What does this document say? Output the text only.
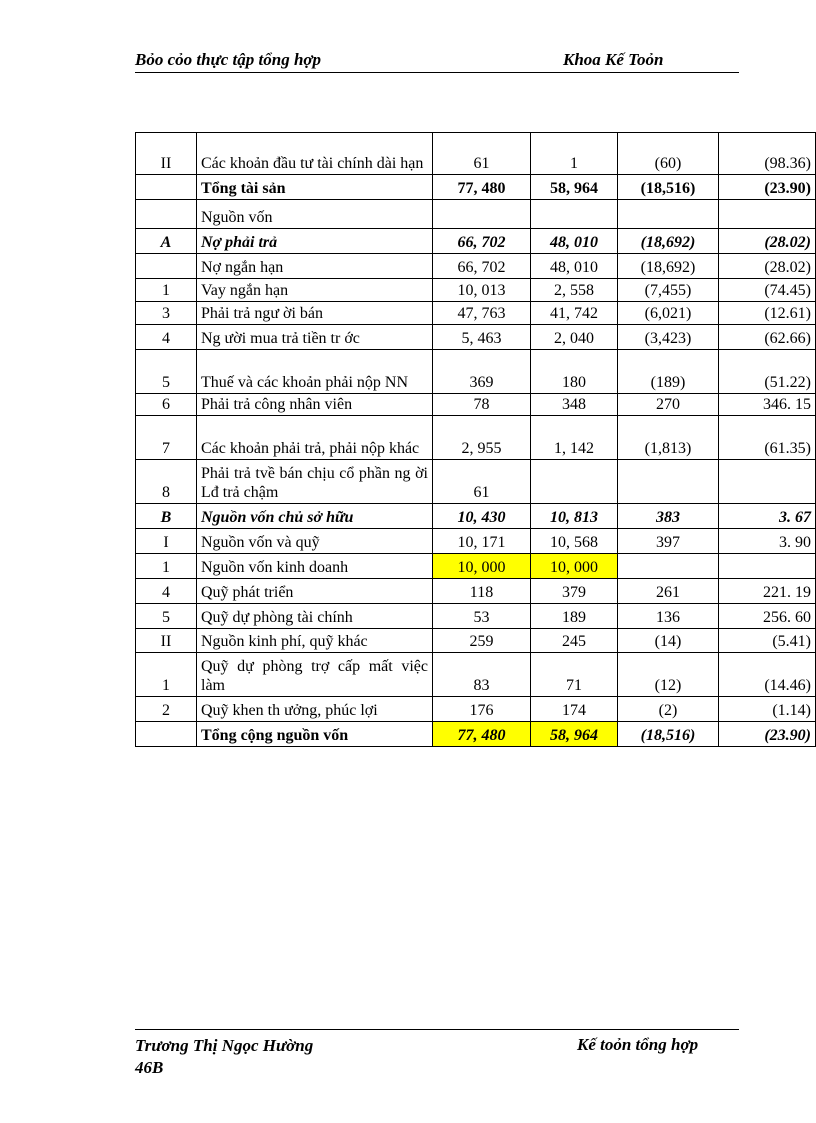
Bỏo cỏo thực tập tổng hợp	Khoa Kế Toỏn
II	Các khoản đầu tư tài chính dài hạn	61	1	(60)	(98.36)
	Tổng tài sản	77, 480	58, 964	(18,516)	(23.90)
	Nguồn vốn				
A	Nợ phải trả	66, 702	48, 010	(18,692)	(28.02)
	Nợ ngắn hạn	66, 702	48, 010	(18,692)	(28.02)
1	Vay ngắn hạn	10, 013	2, 558	(7,455)	(74.45)
3	Phải trả ngư ời bán	47, 763	41, 742	(6,021)	(12.61)
4	Ng ười mua trả tiền tr ớc	5, 463	2, 040	(3,423)	(62.66)
5	Thuế và các khoản phải nộp NN	369	180	(189)	(51.22)
6	Phải trả công nhân viên	78	348	270	346. 15
7	Các khoản phải trả, phải nộp khác	2, 955	1, 142	(1,813)	(61.35)
8	Phải trả tvề bán chịu cổ phần ng ời Lđ trả chậm	61			
B	Nguồn vốn chủ sở hữu	10, 430	10, 813	383	3. 67
I	Nguồn vốn và quỹ	10, 171	10, 568	397	3. 90
1	Nguồn vốn kinh doanh	10, 000	10, 000		
4	Quỹ phát triển	118	379	261	221. 19
5	Quỹ dự phòng tài chính	53	189	136	256. 60
II	Nguồn kinh phí, quỹ khác	259	245	(14)	(5.41)
1	Quỹ dự phòng trợ cấp mất việc làm	83	71	(12)	(14.46)
2	Quỹ khen th ưởng, phúc lợi	176	174	(2)	(1.14)
	Tổng cộng nguồn vốn	77, 480	58, 964	(18,516)	(23.90)
Trương Thị Ngọc Hường
46B
Kế toỏn tổng hợp
